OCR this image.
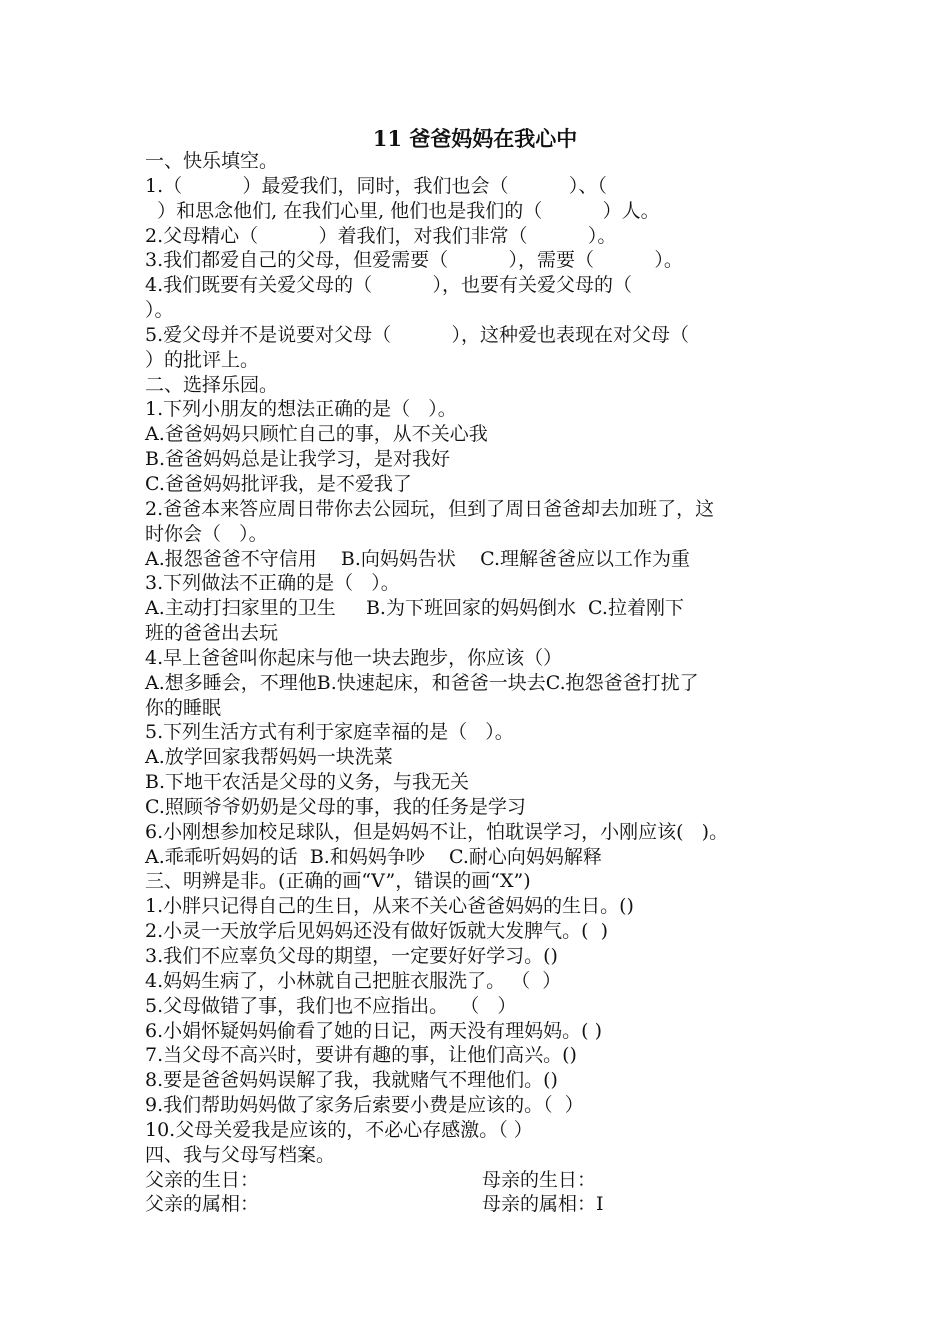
11 爸爸妈妈在我心中
一、快乐填空。
1.（          ）最爱我们，同时，我们也会（          ）、（
）和思念他们, 在我们心里, 他们也是我们的（          ）人。
2.父母精心（          ）着我们，对我们非常（          ）。
3.我们都爱自己的父母，但爱需要（          ），需要（          ）。
4.我们既要有关爱父母的（          ），也要有关爱父母的（
）。
5.爱父母并不是说要对父母（          ），这种爱也表现在对父母（
）的批评上。
二、选择乐园。
1.下列小朋友的想法正确的是（   ）。
A.爸爸妈妈只顾忙自己的事，从不关心我
B.爸爸妈妈总是让我学习，是对我好
C.爸爸妈妈批评我，是不爱我了
2.爸爸本来答应周日带你去公园玩，但到了周日爸爸却去加班了，这
时你会（   ）。
A.报怨爸爸不守信用    B.向妈妈告状    C.理解爸爸应以工作为重
3.下列做法不正确的是（   ）。
A.主动打扫家里的卫生     B.为下班回家的妈妈倒水  C.拉着刚下
班的爸爸出去玩
4.早上爸爸叫你起床与他一块去跑步，你应该（）
A.想多睡会，不理他B.快速起床，和爸爸一块去C.抱怨爸爸打扰了
你的睡眠
5.下列生活方式有利于家庭幸福的是（   ）。
A.放学回家我帮妈妈一块洗菜
B.下地干农活是父母的义务，与我无关
C.照顾爷爷奶奶是父母的事，我的任务是学习
6.小刚想参加校足球队，但是妈妈不让，怕耽误学习，小刚应该(   )。
A.乖乖听妈妈的话  B.和妈妈争吵    C.耐心向妈妈解释
三、明辨是非。(正确的画“V”，错误的画“X”)
1.小胖只记得自己的生日，从来不关心爸爸妈妈的生日。()
2.小灵一天放学后见妈妈还没有做好饭就大发脾气。(  )
3.我们不应辜负父母的期望，一定要好好学习。()
4.妈妈生病了，小林就自己把脏衣服洗了。 （  ）
5.父母做错了事，我们也不应指出。  （   ）
6.小娟怀疑妈妈偷看了她的日记，两天没有理妈妈。( )
7.当父母不高兴时，要讲有趣的事，让他们高兴。()
8.要是爸爸妈妈误解了我，我就赌气不理他们。()
9.我们帮助妈妈做了家务后索要小费是应该的。（  ）
10.父母关爱我是应该的，不必心存感激。（ ）
四、我与父母写档案。
父亲的生日：	母亲的生日：
父亲的属相：	母亲的属相：I
